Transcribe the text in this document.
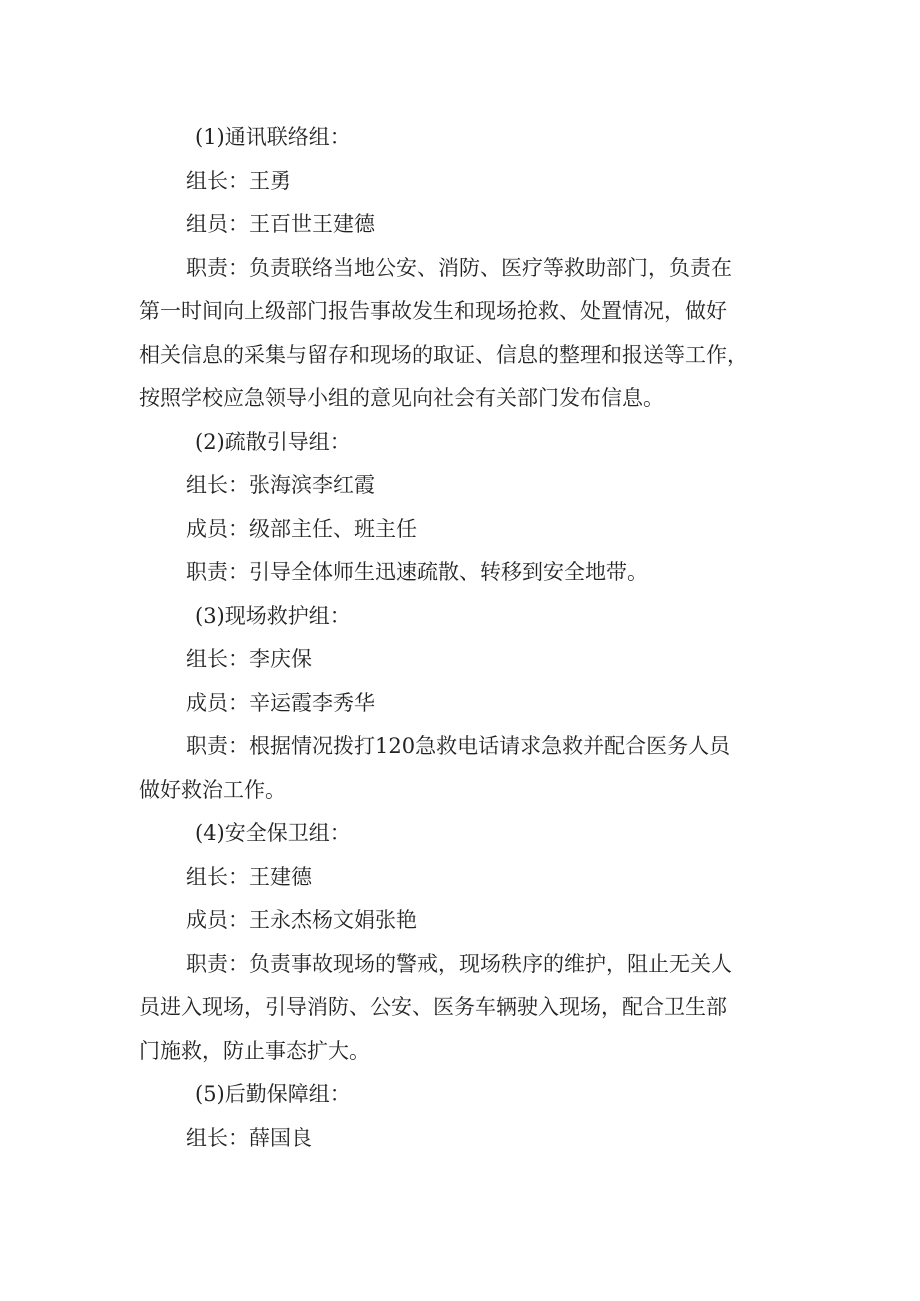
(1)通讯联络组：
组长：王勇
组员：王百世王建德
职责：负责联络当地公安、消防、医疗等救助部门，负责在
第一时间向上级部门报告事故发生和现场抢救、处置情况，做好
相关信息的采集与留存和现场的取证、信息的整理和报送等工作，
按照学校应急领导小组的意见向社会有关部门发布信息。
(2)疏散引导组：
组长：张海滨李红霞
成员：级部主任、班主任
职责：引导全体师生迅速疏散、转移到安全地带。
(3)现场救护组：
组长：李庆保
成员：辛运霞李秀华
职责：根据情况拨打120急救电话请求急救并配合医务人员
做好救治工作。
(4)安全保卫组：
组长：王建德
成员：王永杰杨文娟张艳
职责：负责事故现场的警戒，现场秩序的维护，阻止无关人
员进入现场，引导消防、公安、医务车辆驶入现场，配合卫生部
门施救，防止事态扩大。
(5)后勤保障组：
组长：薛国良
